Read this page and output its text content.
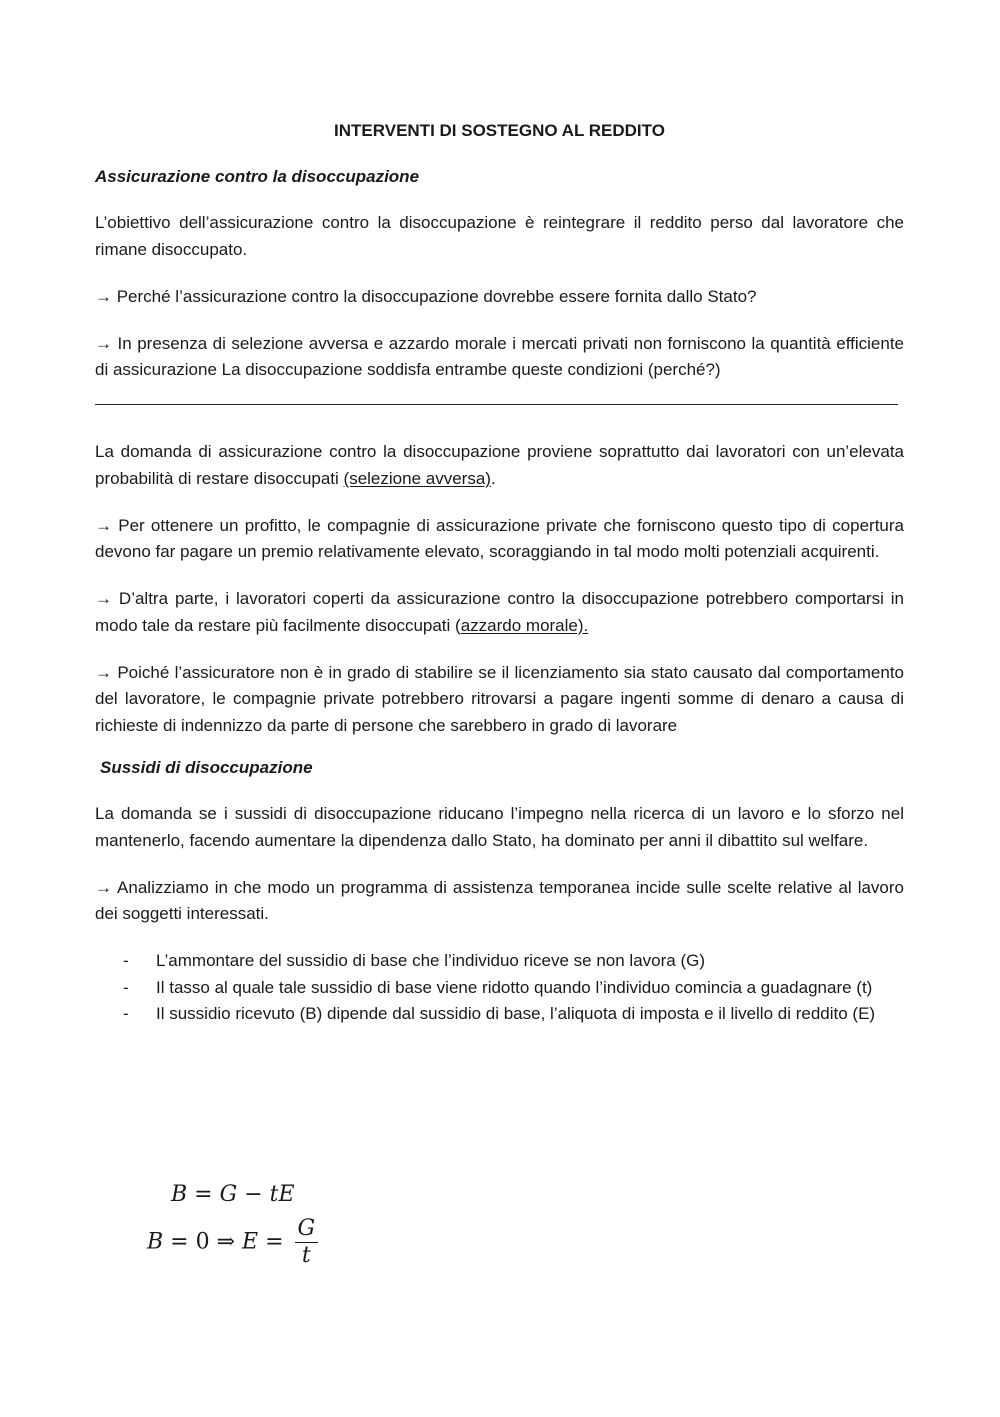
INTERVENTI DI SOSTEGNO AL REDDITO
Assicurazione contro la disoccupazione

L’obiettivo dell’assicurazione contro la disoccupazione è reintegrare il reddito perso dal lavoratore che rimane disoccupato.

→ Perché l’assicurazione contro la disoccupazione dovrebbe essere fornita dallo Stato?

→ In presenza di selezione avversa e azzardo morale i mercati privati non forniscono la quantità efficiente di assicurazione La disoccupazione soddisfa entrambe queste condizioni (perché?)

La domanda di assicurazione contro la disoccupazione proviene soprattutto dai lavoratori con un’elevata probabilità di restare disoccupati (selezione avversa).

→ Per ottenere un profitto, le compagnie di assicurazione private che forniscono questo tipo di copertura devono far pagare un premio relativamente elevato, scoraggiando in tal modo molti potenziali acquirenti.

→ D’altra parte, i lavoratori coperti da assicurazione contro la disoccupazione potrebbero comportarsi in modo tale da restare più facilmente disoccupati (azzardo morale).

→ Poiché l’assicuratore non è in grado di stabilire se il licenziamento sia stato causato dal comportamento del lavoratore, le compagnie private potrebbero ritrovarsi a pagare ingenti somme di denaro a causa di richieste di indennizzo da parte di persone che sarebbero in grado di lavorare

Sussidi di disoccupazione

La domanda se i sussidi di disoccupazione riducano l’impegno nella ricerca di un lavoro e lo sforzo nel mantenerlo, facendo aumentare la dipendenza dallo Stato, ha dominato per anni il dibattito sul welfare.

→ Analizziamo in che modo un programma di assistenza temporanea incide sulle scelte relative al lavoro dei soggetti interessati.

- L’ammontare del sussidio di base che l’individuo riceve se non lavora (G)
- Il tasso al quale tale sussidio di base viene ridotto quando l’individuo comincia a guadagnare (t)
- Il sussidio ricevuto (B) dipende dal sussidio di base, l’aliquota di imposta e il livello di reddito (E)
B = G − tE
B = 0 ⇒ $E = \frac{G}{t}$
